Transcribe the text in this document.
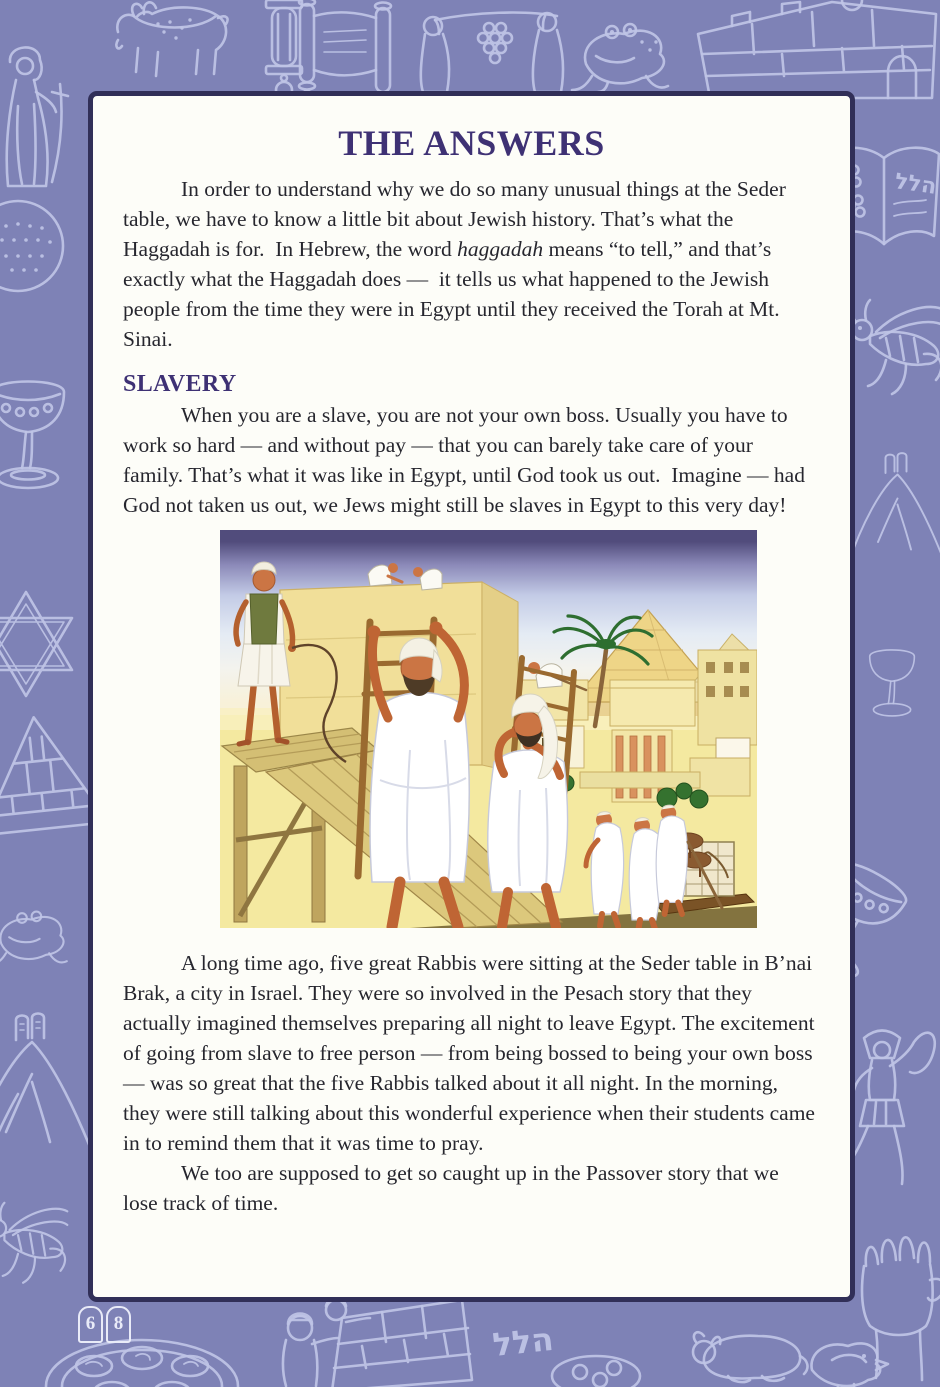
הלל
הלל
THE ANSWERS

In order to understand why we do so many unusual things at the Seder table, we have to know a little bit about Jewish history. That’s what the Haggadah is for.  In Hebrew, the word haggadah means “to tell,” and that’s exactly what the Haggadah does —  it tells us what happened to the Jewish people from the time they were in Egypt until they received the Torah at Mt. Sinai.

SLAVERY

When you are a slave, you are not your own boss. Usually you have to work so hard — and without pay — that you can barely take care of your family. That’s what it was like in Egypt, until God took us out.  Imagine — had God not taken us out, we Jews might still be slaves in Egypt to this very day!

A long time ago, five great Rabbis were sitting at the Seder table in B’nai Brak, a city in Israel. They were so involved in the Pesach story that they actually imagined themselves preparing all night to leave Egypt. The excitement of going from slave to free person — from being bossed to being your own boss — was so great that the five Rabbis talked about it all night. In the morning, they were still talking about this wonderful experience when their students came in to remind them that it was time to pray.

We too are supposed to get so caught up in the Passover story that we lose track of time.

6 8
